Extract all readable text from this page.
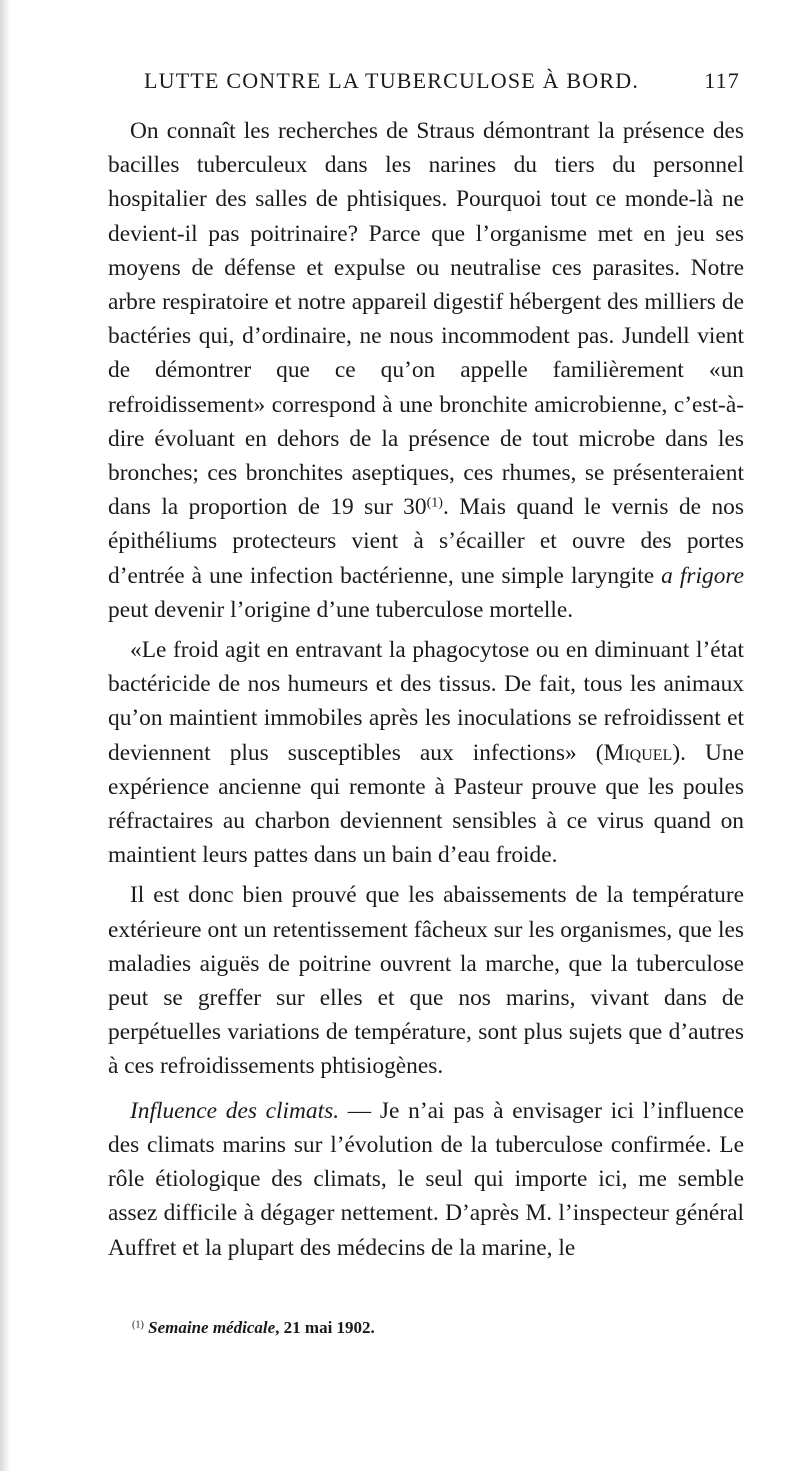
LUTTE CONTRE LA TUBERCULOSE À BORD.	117

On connaît les recherches de Straus démontrant la présence des bacilles tuberculeux dans les narines du tiers du personnel hospitalier des salles de phtisiques. Pourquoi tout ce monde-là ne devient-il pas poitrinaire? Parce que l’organisme met en jeu ses moyens de défense et expulse ou neutralise ces parasites. Notre arbre respiratoire et notre appareil digestif hébergent des milliers de bactéries qui, d’ordinaire, ne nous incommodent pas. Jundell vient de démontrer que ce qu’on appelle familièrement «un refroidissement» correspond à une bronchite amicrobienne, c’est-à-dire évoluant en dehors de la présence de tout microbe dans les bronches; ces bronchites aseptiques, ces rhumes, se présenteraient dans la proportion de 19 sur 30$^{(1)}$. Mais quand le vernis de nos épithéliums protecteurs vient à s’écailler et ouvre des portes d’entrée à une infection bactérienne, une simple laryngite a frigore peut devenir l’origine d’une tuberculose mortelle.

«Le froid agit en entravant la phagocytose ou en diminuant l’état bactéricide de nos humeurs et des tissus. De fait, tous les animaux qu’on maintient immobiles après les inoculations se refroidissent et deviennent plus susceptibles aux infections» (Miquel). Une expérience ancienne qui remonte à Pasteur prouve que les poules réfractaires au charbon deviennent sensibles à ce virus quand on maintient leurs pattes dans un bain d’eau froide.

Il est donc bien prouvé que les abaissements de la température extérieure ont un retentissement fâcheux sur les organismes, que les maladies aiguës de poitrine ouvrent la marche, que la tuberculose peut se greffer sur elles et que nos marins, vivant dans de perpétuelles variations de température, sont plus sujets que d’autres à ces refroidissements phtisiogènes.

Influence des climats. — Je n’ai pas à envisager ici l’influence des climats marins sur l’évolution de la tuberculose confirmée. Le rôle étiologique des climats, le seul qui importe ici, me semble assez difficile à dégager nettement. D’après M. l’inspecteur général Auffret et la plupart des médecins de la marine, le

$^{(1)}$ Semaine médicale, 21 mai 1902.
